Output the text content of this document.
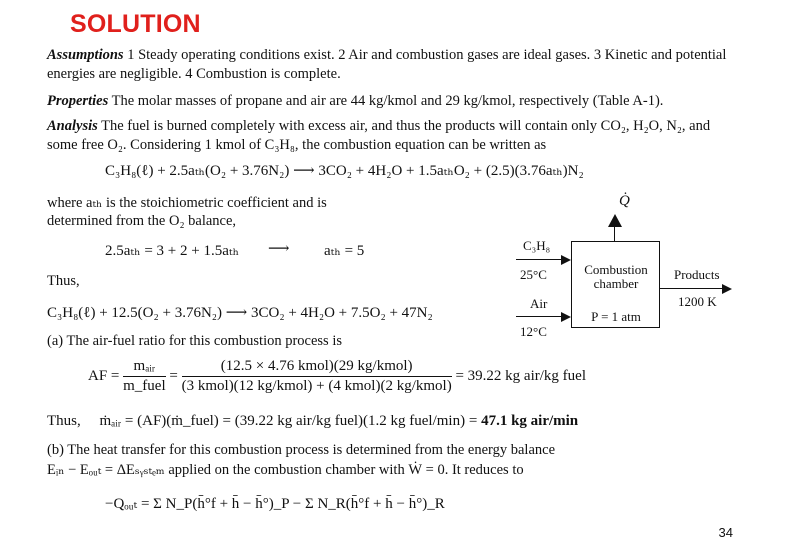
SOLUTION
Assumptions 1 Steady operating conditions exist. 2 Air and combustion gases are ideal gases. 3 Kinetic and potential energies are negligible. 4 Combustion is complete.
Properties The molar masses of propane and air are 44 kg/kmol and 29 kg/kmol, respectively (Table A-1).
Analysis The fuel is burned completely with excess air, and thus the products will contain only CO₂, H₂O, N₂, and some free O₂. Considering 1 kmol of C₃H₈, the combustion equation can be written as
C₃H₈(ℓ) + 2.5aₜₕ(O₂ + 3.76N₂) ⟶ 3CO₂ + 4H₂O + 1.5aₜₕO₂ + (2.5)(3.76aₜₕ)N₂
where aₜₕ is the stoichiometric coefficient and is
determined from the O₂ balance,
2.5aₜₕ = 3 + 2 + 1.5aₜₕ ⟶ aₜₕ = 5
Thus,
C₃H₈(ℓ) + 12.5(O₂ + 3.76N₂) ⟶ 3CO₂ + 4H₂O + 7.5O₂ + 47N₂
(a) The air-fuel ratio for this combustion process is
AF = $\frac{\text{mₐᵢᵣ}}{\text{m\_fuel}} = \frac{\text{(12.5 × 4.76 kmol)(29 kg/kmol)}}{\text{(3 kmol)(12 kg/kmol) + (4 kmol)(2 kg/kmol)}} = 39.22$ kg air/kg fuel
Thus, ṁₐᵢᵣ = (AF)(ṁ_fuel) = (39.22 kg air/kg fuel)(1.2 kg fuel/min) = 47.1 kg air/min
(b) The heat transfer for this combustion process is determined from the energy balance
Eᵢₙ − Eₒᵤₜ = ΔEₛᵧₛₜₑₘ applied on the combustion chamber with Ẇ = 0. It reduces to
−Qₒᵤₜ = Σ N_P(h̄°f + h̄ − h̄°)_P − Σ N_R(h̄°f + h̄ − h̄°)_R
Combustion
chamber
P = 1 atm
Q̇
C₃H₈
25°C
Air
12°C
Products
1200 K
34
